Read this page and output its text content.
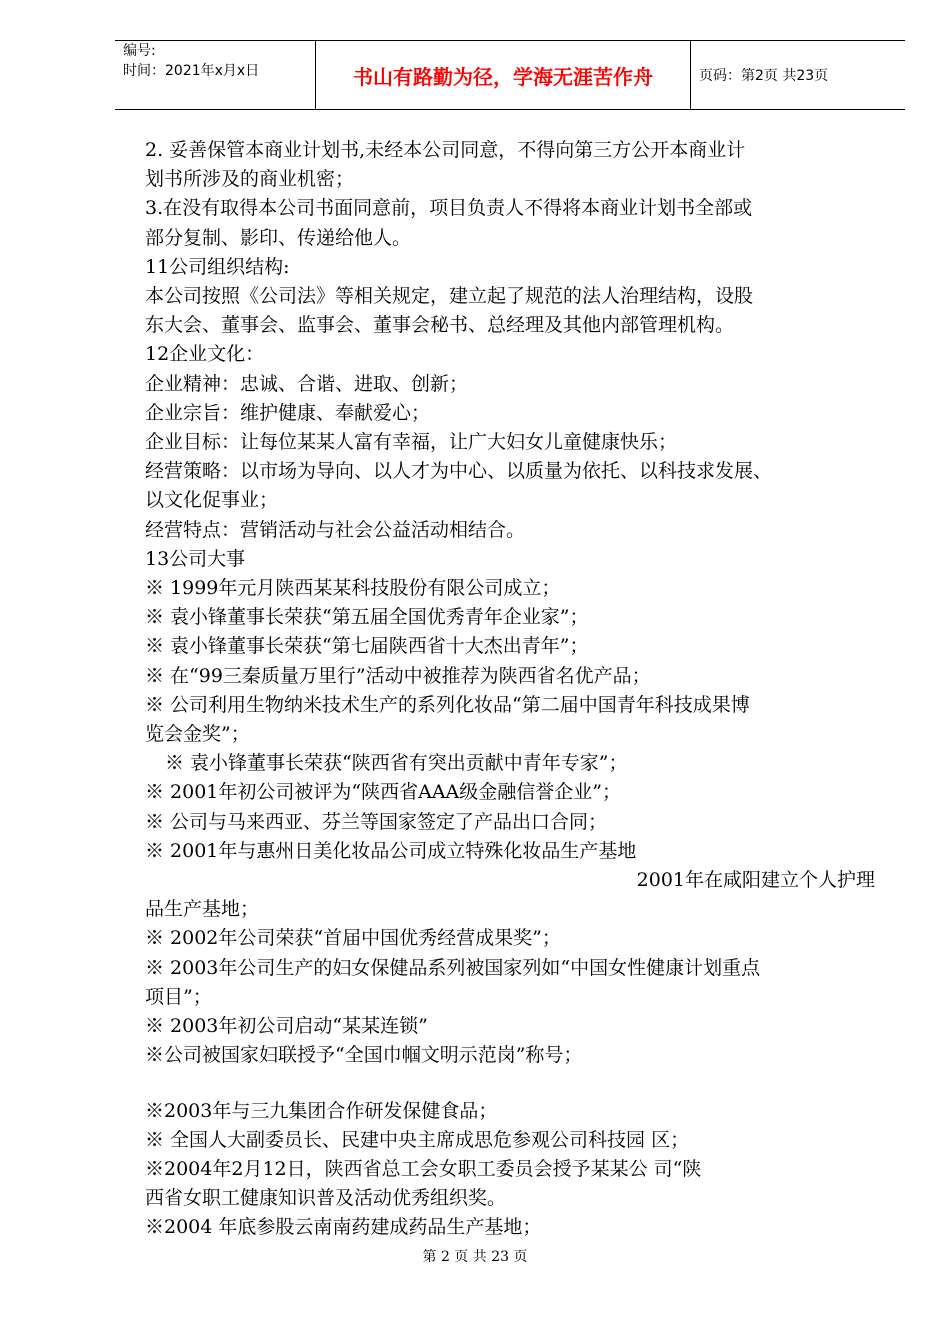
编号:
时间：2021年x月x日	书山有路勤为径，学海无涯苦作舟	页码：第2页 共23页
2. 妥善保管本商业计划书,未经本公司同意，不得向第三方公开本商业计
划书所涉及的商业机密；
3.在没有取得本公司书面同意前，项目负责人不得将本商业计划书全部或
部分复制、影印、传递给他人。
11公司组织结构:
本公司按照《公司法》等相关规定，建立起了规范的法人治理结构，设股
东大会、董事会、监事会、董事会秘书、总经理及其他内部管理机构。
12企业文化：
企业精神：忠诚、合谐、进取、创新；
企业宗旨：维护健康、奉献爱心；
企业目标：让每位某某人富有幸福，让广大妇女儿童健康快乐；
经营策略：以市场为导向、以人才为中心、以质量为依托、以科技求发展、
以文化促事业；
经营特点：营销活动与社会公益活动相结合。
13公司大事
※ 1999年元月陕西某某科技股份有限公司成立；
※ 袁小锋董事长荣获“第五届全国优秀青年企业家”；
※ 袁小锋董事长荣获“第七届陕西省十大杰出青年”；
※ 在“99三秦质量万里行”活动中被推荐为陕西省名优产品；
※ 公司利用生物纳米技术生产的系列化妆品“第二届中国青年科技成果博
览会金奖”；
※ 袁小锋董事长荣获“陕西省有突出贡献中青年专家”；
※ 2001年初公司被评为“陕西省AAA级金融信誉企业”；
※ 公司与马来西亚、芬兰等国家签定了产品出口合同；
※ 2001年与惠州日美化妆品公司成立特殊化妆品生产基地
2001年在咸阳建立个人护理
品生产基地；
※ 2002年公司荣获“首届中国优秀经营成果奖”；
※ 2003年公司生产的妇女保健品系列被国家列如“中国女性健康计划重点
项目”；
※ 2003年初公司启动“某某连锁”
※公司被国家妇联授予“全国巾帼文明示范岗”称号；
※2003年与三九集团合作研发保健食品；
※ 全国人大副委员长、民建中央主席成思危参观公司科技园 区；
※2004年2月12日，陕西省总工会女职工委员会授予某某公 司“陕
西省女职工健康知识普及活动优秀组织奖。
※2004 年底参股云南南药建成药品生产基地；
第 2 页 共 23 页
